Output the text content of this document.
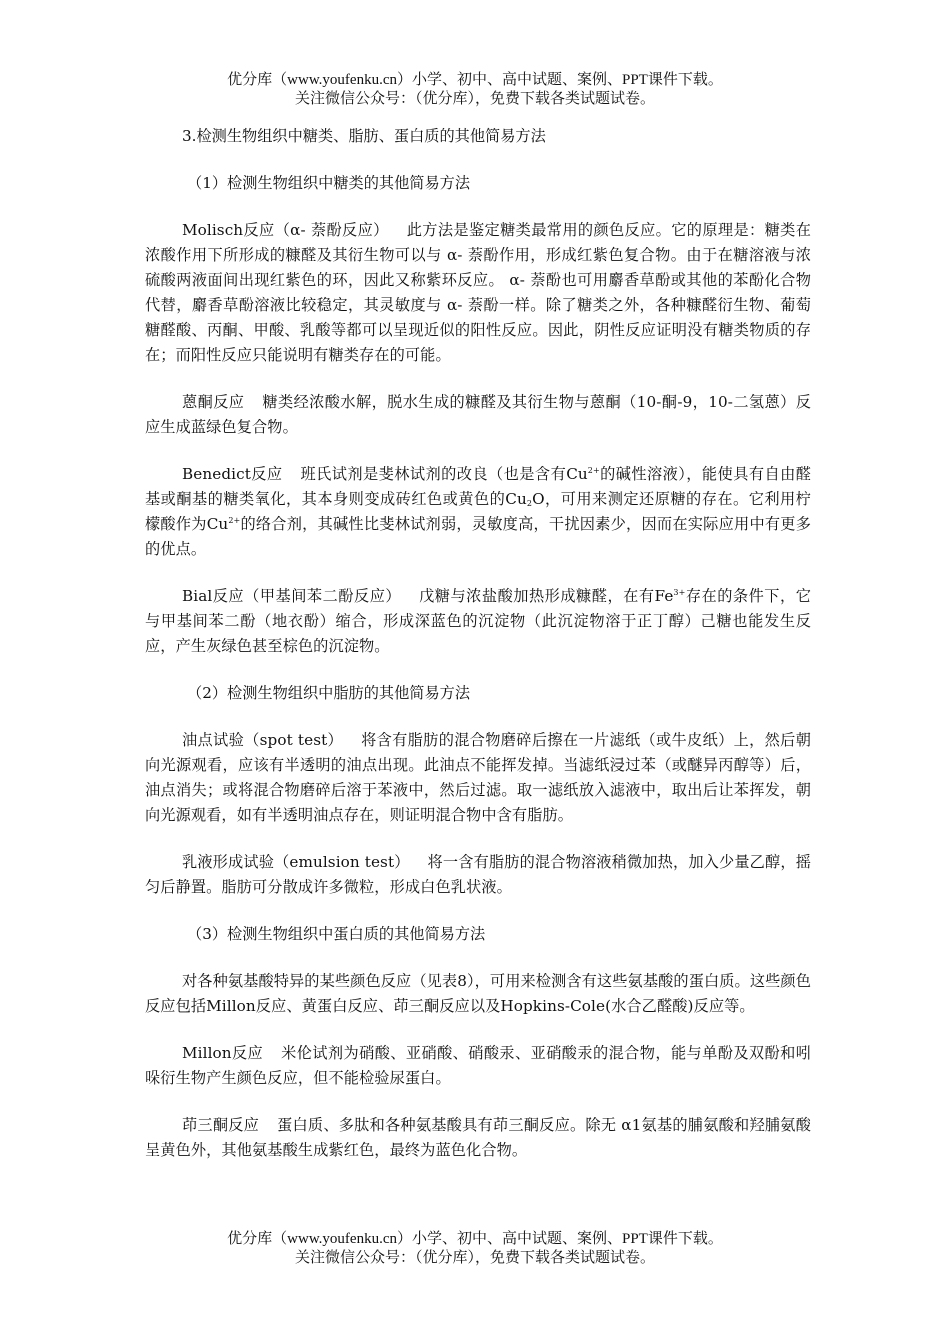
优分库（www.youfenku.cn）小学、初中、高中试题、案例、PPT课件下载。
关注微信公众号：（优分库），免费下载各类试题试卷。

3.检测生物组织中糖类、脂肪、蛋白质的其他简易方法

（1）检测生物组织中糖类的其他简易方法

Molisch反应（α- 萘酚反应） 此方法是鉴定糖类最常用的颜色反应。它的原理是：糖类在浓酸作用下所形成的糠醛及其衍生物可以与 α- 萘酚作用，形成红紫色复合物。由于在糖溶液与浓硫酸两液面间出现红紫色的环，因此又称紫环反应。 α- 萘酚也可用麝香草酚或其他的苯酚化合物代替，麝香草酚溶液比较稳定，其灵敏度与 α- 萘酚一样。除了糖类之外，各种糠醛衍生物、葡萄糖醛酸、丙酮、甲酸、乳酸等都可以呈现近似的阳性反应。因此，阴性反应证明没有糖类物质的存在；而阳性反应只能说明有糖类存在的可能。

蒽酮反应 糖类经浓酸水解，脱水生成的糠醛及其衍生物与蒽酮（10-酮-9，10-二氢蒽）反应生成蓝绿色复合物。

Benedict反应 班氏试剂是斐林试剂的改良（也是含有$Cu^{2+}$的碱性溶液），能使具有自由醛基或酮基的糖类氧化，其本身则变成砖红色或黄色的$Cu_2O$，可用来测定还原糖的存在。它利用柠檬酸作为$Cu^{2+}$的络合剂，其碱性比斐林试剂弱，灵敏度高，干扰因素少，因而在实际应用中有更多的优点。

Bial反应（甲基间苯二酚反应） 戊糖与浓盐酸加热形成糠醛，在有$Fe^{3+}$存在的条件下，它与甲基间苯二酚（地衣酚）缩合，形成深蓝色的沉淀物（此沉淀物溶于正丁醇）己糖也能发生反应，产生灰绿色甚至棕色的沉淀物。

（2）检测生物组织中脂肪的其他简易方法

油点试验（spot test） 将含有脂肪的混合物磨碎后擦在一片滤纸（或牛皮纸）上，然后朝向光源观看，应该有半透明的油点出现。此油点不能挥发掉。当滤纸浸过苯（或醚异丙醇等）后，油点消失；或将混合物磨碎后溶于苯液中，然后过滤。取一滤纸放入滤液中，取出后让苯挥发，朝向光源观看，如有半透明油点存在，则证明混合物中含有脂肪。

乳液形成试验（emulsion test） 将一含有脂肪的混合物溶液稍微加热，加入少量乙醇，摇匀后静置。脂肪可分散成许多微粒，形成白色乳状液。

（3）检测生物组织中蛋白质的其他简易方法

对各种氨基酸特异的某些颜色反应（见表8），可用来检测含有这些氨基酸的蛋白质。这些颜色反应包括Millon反应、黄蛋白反应、茚三酮反应以及Hopkins-Cole(水合乙醛酸)反应等。

Millon反应 米伦试剂为硝酸、亚硝酸、硝酸汞、亚硝酸汞的混合物，能与单酚及双酚和吲哚衍生物产生颜色反应，但不能检验尿蛋白。

茚三酮反应 蛋白质、多肽和各种氨基酸具有茚三酮反应。除无 α1氨基的脯氨酸和羟脯氨酸呈黄色外，其他氨基酸生成紫红色，最终为蓝色化合物。

优分库（www.youfenku.cn）小学、初中、高中试题、案例、PPT课件下载。
关注微信公众号：（优分库），免费下载各类试题试卷。
